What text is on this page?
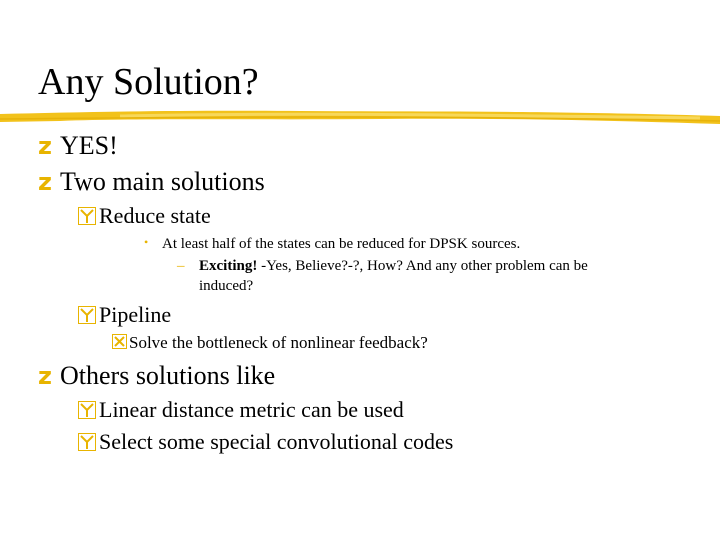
Any Solution?
z YES!
z Two main solutions
Reduce state
• At least half of the states can be reduced for DPSK sources.
– Exciting! -Yes, Believe?-?, How? And any other problem can be
induced?
Pipeline
Solve the bottleneck of nonlinear feedback?
z Others solutions like
Linear distance metric can be used
Select some special convolutional codes
